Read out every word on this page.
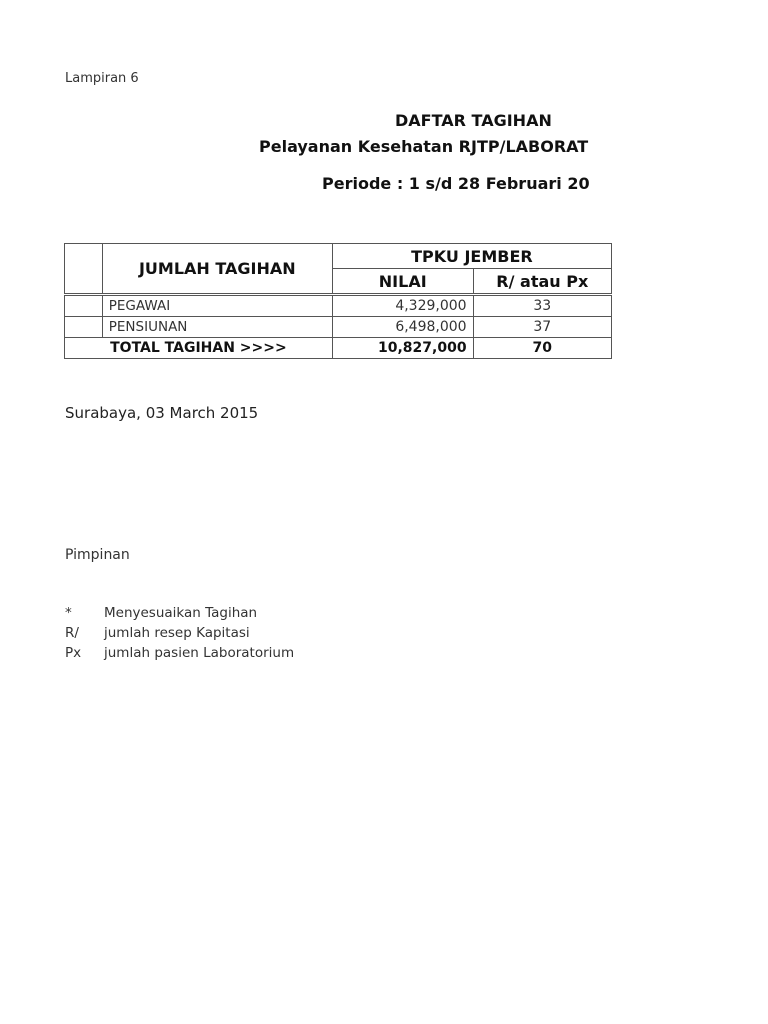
Lampiran 6
DAFTAR TAGIHAN
Pelayanan Kesehatan RJTP/LABORAT
Periode : 1 s/d 28 Februari 20
	JUMLAH TAGIHAN	TPKU JEMBER	
		NILAI	R/ atau Px
	PEGAWAI	4,329,000	33
	PENSIUNAN	6,498,000	37
TOTAL TAGIHAN >>>>		10,827,000	70
Surabaya, 03 March 2015
Pimpinan
* Menyesuaikan Tagihan
R/ jumlah resep Kapitasi
Px jumlah pasien Laboratorium
